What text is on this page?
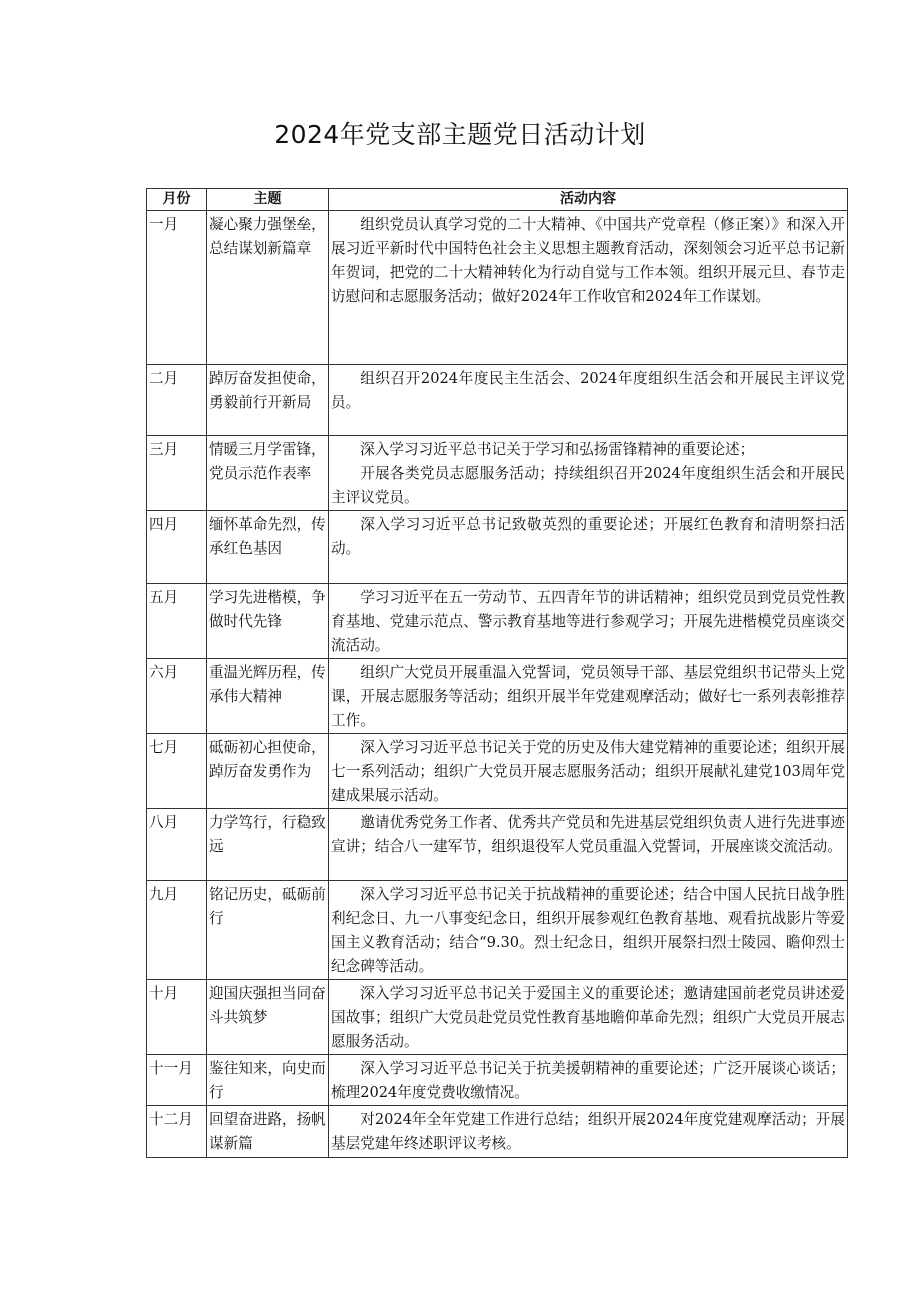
2024年党支部主题党日活动计划
月份	主题	活动内容
一月	凝心聚力强堡垒，总结谋划新篇章	组织党员认真学习党的二十大精神、《中国共产党章程（修正案）》和深入开展习近平新时代中国特色社会主义思想主题教育活动，深刻领会习近平总书记新年贺词，把党的二十大精神转化为行动自觉与工作本领。组织开展元旦、春节走访慰问和志愿服务活动；做好2024年工作收官和2024年工作谋划。

二月	踔厉奋发担使命，勇毅前行开新局	组织召开2024年度民主生活会、2024年度组织生活会和开展民主评议党员。

三月	情暖三月学雷锋，党员示范作表率	深入学习习近平总书记关于学习和弘扬雷锋精神的重要论述；

开展各类党员志愿服务活动；持续组织召开2024年度组织生活会和开展民主评议党员。

四月	缅怀革命先烈，传承红色基因	深入学习习近平总书记致敬英烈的重要论述；开展红色教育和清明祭扫活动。

五月	学习先进楷模，争做时代先锋	学习习近平在五一劳动节、五四青年节的讲话精神；组织党员到党员党性教育基地、党建示范点、警示教育基地等进行参观学习；开展先进楷模党员座谈交流活动。

六月	重温光辉历程，传承伟大精神	组织广大党员开展重温入党誓词，党员领导干部、基层党组织书记带头上党课，开展志愿服务等活动；组织开展半年党建观摩活动；做好七一系列表彰推荐工作。

七月	砥砺初心担使命，踔厉奋发勇作为	深入学习习近平总书记关于党的历史及伟大建党精神的重要论述；组织开展七一系列活动；组织广大党员开展志愿服务活动；组织开展献礼建党103周年党建成果展示活动。

八月	力学笃行，行稳致远	邀请优秀党务工作者、优秀共产党员和先进基层党组织负责人进行先进事迹宣讲；结合八一建军节，组织退役军人党员重温入党誓词，开展座谈交流活动。

九月	铭记历史，砥砺前行	深入学习习近平总书记关于抗战精神的重要论述；结合中国人民抗日战争胜利纪念日、九一八事变纪念日，组织开展参观红色教育基地、观看抗战影片等爱国主义教育活动；结合“9.30。烈士纪念日，组织开展祭扫烈士陵园、瞻仰烈士纪念碑等活动。

十月	迎国庆强担当同奋斗共筑梦	深入学习习近平总书记关于爱国主义的重要论述；邀请建国前老党员讲述爱国故事；组织广大党员赴党员党性教育基地瞻仰革命先烈；组织广大党员开展志愿服务活动。

十一月	鉴往知来，向史而行	深入学习习近平总书记关于抗美援朝精神的重要论述；广泛开展谈心谈话；梳理2024年度党费收缴情况。

十二月	回望奋进路，扬帆谋新篇	对2024年全年党建工作进行总结；组织开展2024年度党建观摩活动；开展基层党建年终述职评议考核。
